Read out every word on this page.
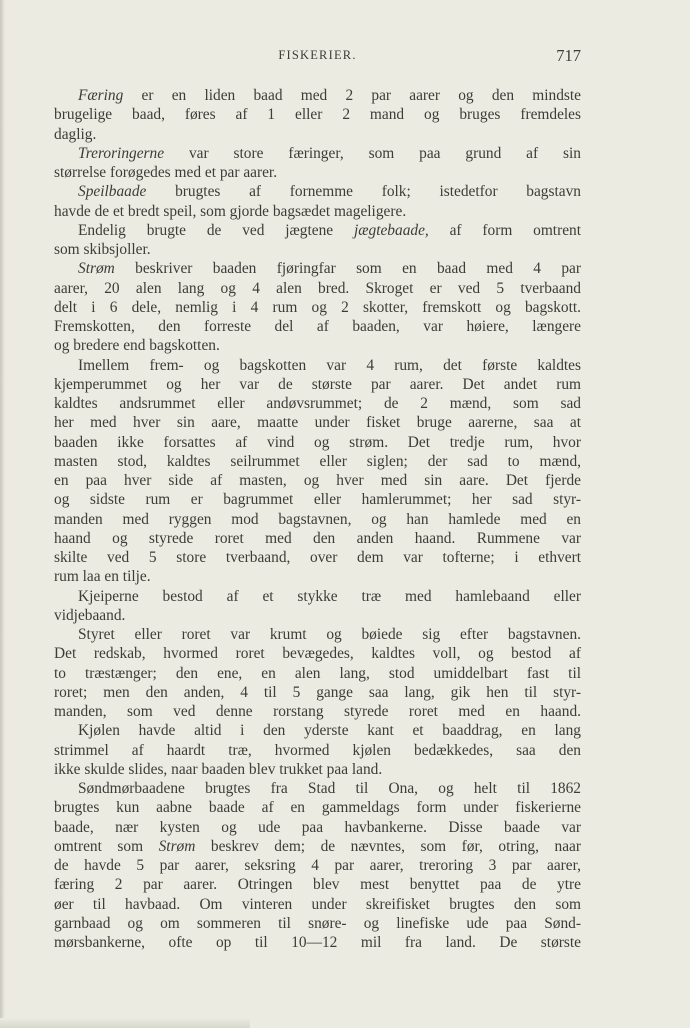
FISKERIER.	717
Færing er en liden baad med 2 par aarer og den mindste
brugelige baad, føres af 1 eller 2 mand og bruges fremdeles
daglig.
Treroringerne var store færinger, som paa grund af sin
størrelse forøgedes med et par aarer.
Speilbaade brugtes af fornemme folk; istedetfor bagstavn
havde de et bredt speil, som gjorde bagsædet mageligere.
Endelig brugte de ved jægtene jægtebaade, af form omtrent
som skibsjoller.
Strøm beskriver baaden fjøringfar som en baad med 4 par
aarer, 20 alen lang og 4 alen bred. Skroget er ved 5 tverbaand
delt i 6 dele, nemlig i 4 rum og 2 skotter, fremskott og bagskott.
Fremskotten, den forreste del af baaden, var høiere, længere
og bredere end bagskotten.
Imellem frem- og bagskotten var 4 rum, det første kaldtes
kjemperummet og her var de største par aarer. Det andet rum
kaldtes andsrummet eller andøvsrummet; de 2 mænd, som sad
her med hver sin aare, maatte under fisket bruge aarerne, saa at
baaden ikke forsattes af vind og strøm. Det tredje rum, hvor
masten stod, kaldtes seilrummet eller siglen; der sad to mænd,
en paa hver side af masten, og hver med sin aare. Det fjerde
og sidste rum er bagrummet eller hamlerummet; her sad styr-
manden med ryggen mod bagstavnen, og han hamlede med en
haand og styrede roret med den anden haand. Rummene var
skilte ved 5 store tverbaand, over dem var tofterne; i ethvert
rum laa en tilje.
Kjeiperne bestod af et stykke træ med hamlebaand eller
vidjebaand.
Styret eller roret var krumt og bøiede sig efter bagstavnen.
Det redskab, hvormed roret bevægedes, kaldtes voll, og bestod af
to træstænger; den ene, en alen lang, stod umiddelbart fast til
roret; men den anden, 4 til 5 gange saa lang, gik hen til styr-
manden, som ved denne rorstang styrede roret med en haand.
Kjølen havde altid i den yderste kant et baaddrag, en lang
strimmel af haardt træ, hvormed kjølen bedækkedes, saa den
ikke skulde slides, naar baaden blev trukket paa land.
Søndmørbaadene brugtes fra Stad til Ona, og helt til 1862
brugtes kun aabne baade af en gammeldags form under fiskerierne
baade, nær kysten og ude paa havbankerne. Disse baade var
omtrent som Strøm beskrev dem; de nævntes, som før, otring, naar
de havde 5 par aarer, seksring 4 par aarer, treroring 3 par aarer,
færing 2 par aarer. Otringen blev mest benyttet paa de ytre
øer til havbaad. Om vinteren under skreifisket brugtes den som
garnbaad og om sommeren til snøre- og linefiske ude paa Sønd-
mørsbankerne, ofte op til 10—12 mil fra land. De største
